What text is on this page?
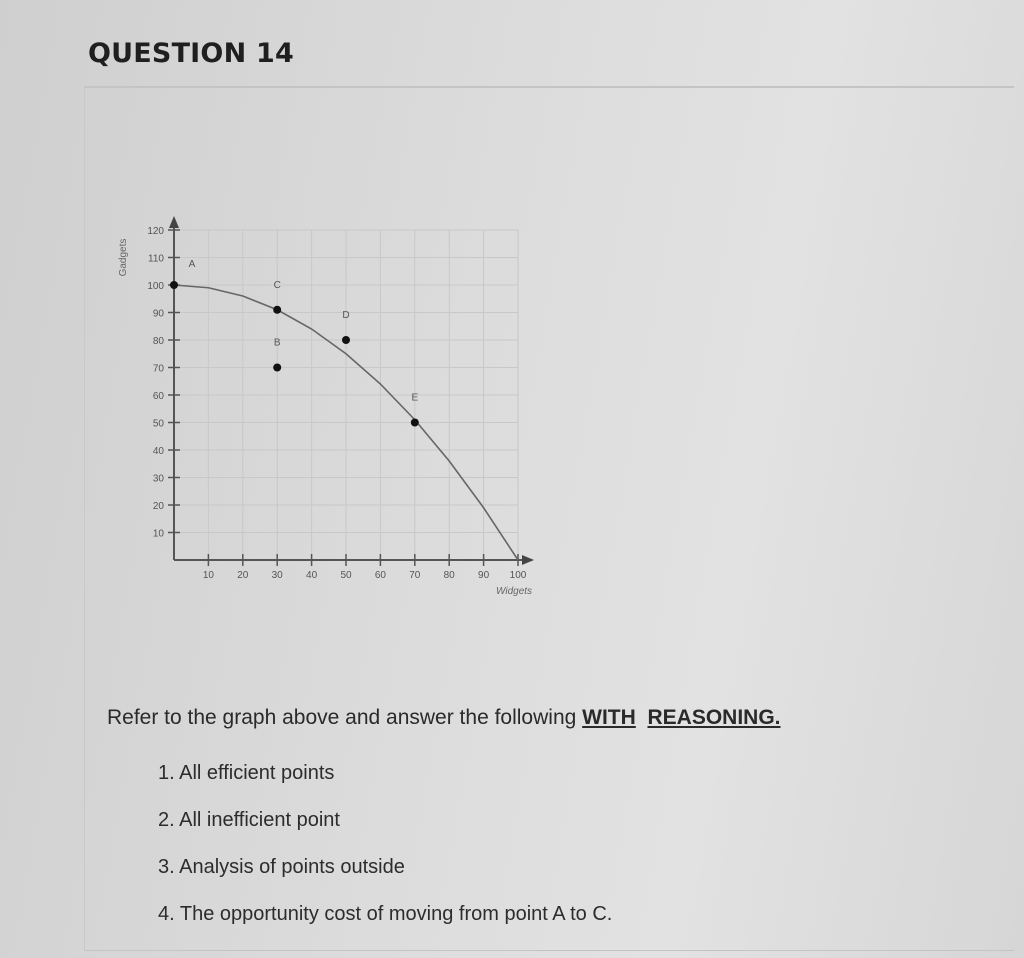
QUESTION 14
10 20 30 40 50 60 70 80 90 100
10
20
30
40
50
60
70
80
90
100
110
120
Widgets
Gadgets	A
C
B
D
E
Refer to the graph above and answer the following WITH REASONING.
1. All efficient points
2. All inefficient point
3. Analysis of points outside
4. The opportunity cost of moving from point A to C.
